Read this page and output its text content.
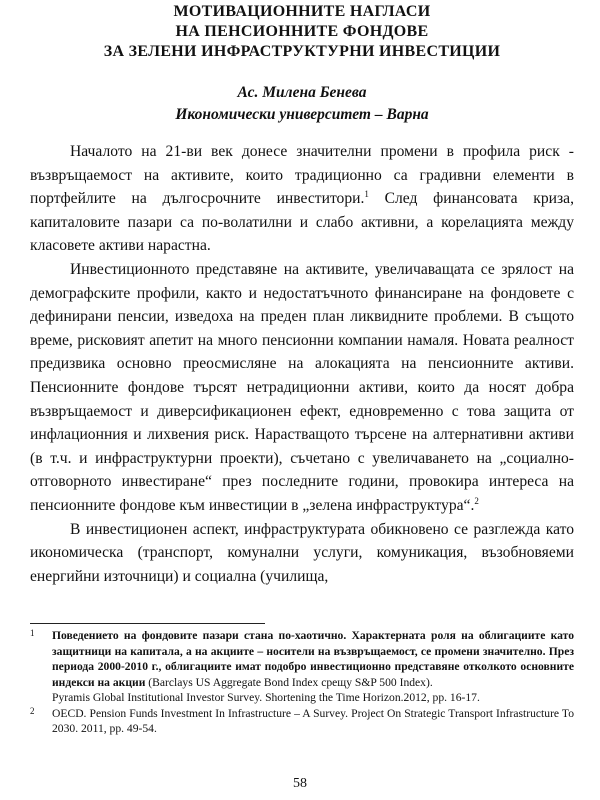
МОТИВАЦИОННИТЕ НАГЛАСИ
НА ПЕНСИОННИТЕ ФОНДОВЕ
ЗА ЗЕЛЕНИ ИНФРАСТРУКТУРНИ ИНВЕСТИЦИИ
Ас. Милена Бенева
Икономически университет – Варна

Началото на 21-ви век донесе значителни промени в профила риск - възвръщаемост на активите, които традиционно са градивни елементи в портфейлите на дългосрочните инвеститори.$^1$ След финансовата криза, капиталовите пазари са по-волатилни и слабо активни, а корелацията между класовете активи нарастна.

Инвестиционното представяне на активите, увеличаващата се зрялост на демографските профили, както и недостатъчното финансиране на фондовете с дефинирани пенсии, изведоха на преден план ликвидните проблеми. В същото време, рисковият апетит на много пенсионни компании намаля. Новата реалност предизвика основно преосмисляне на алокацията на пенсионните активи. Пенсионните фондове търсят нетрадиционни активи, които да носят добра възвръщаемост и диверсификационен ефект, едновременно с това защита от инфлационния и лихвения риск. Нарастващото търсене на алтернативни активи (в т.ч. и инфраструктурни проекти), съчетано с увеличаването на „социално-отговорното инвестиране“ през последните години, провокира интереса на пенсионните фондове към инвестиции в „зелена инфраструктура“.$^2$

В инвестиционен аспект, инфраструктурата обикновено се разглежда като икономическа (транспорт, комунални услуги, комуникация, възобновяеми енергийни източници) и социална (училища,

1 Поведението на фондовите пазари стана по-хаотично. Характерната роля на облигациите като защитници на капитала, а на акциите – носители на възвръщаемост, се промени значително. През периода 2000-2010 г., облигациите имат подобро инвестиционно представяне отколкото основните индекси на акции (Barclays US Aggregate Bond Index срещу S&P 500 Index).

Pyramis Global Institutional Investor Survey. Shortening the Time Horizon.2012, pp. 16-17.

2 OECD. Pension Funds Investment In Infrastructure – A Survey. Project On Strategic Transport Infrastructure To 2030. 2011, pp. 49-54.

58
